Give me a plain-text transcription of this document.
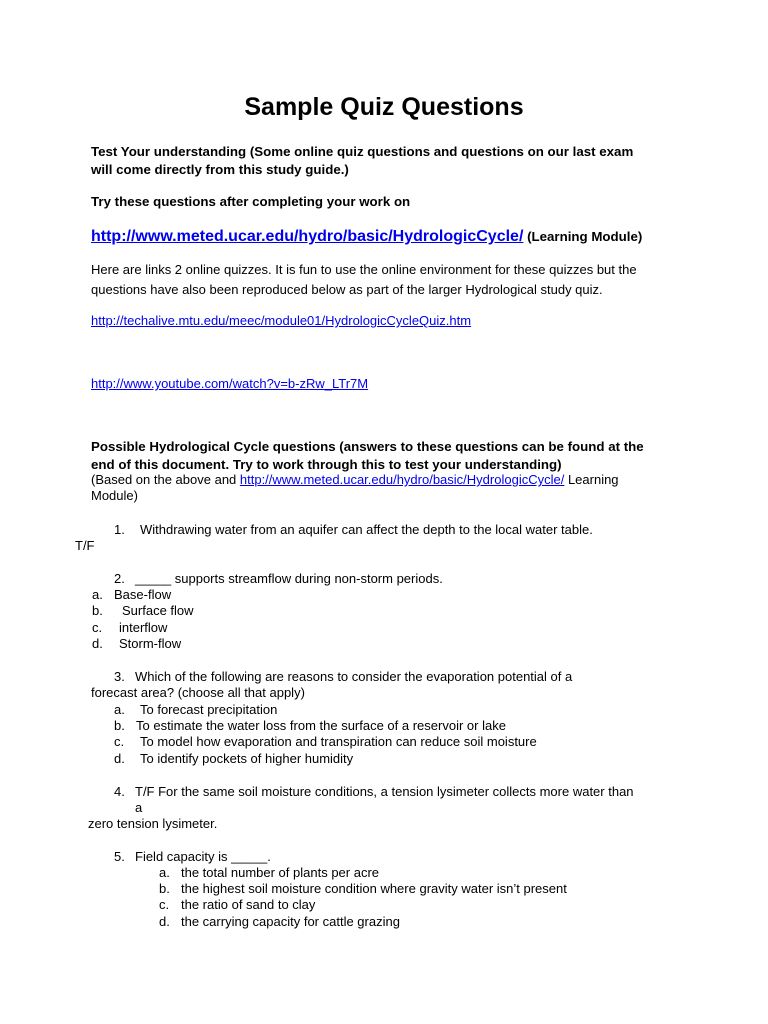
Sample Quiz Questions
Test Your understanding (Some online quiz questions and questions on our last exam
will come directly from this study guide.)
Try these questions after completing your work on
http://www.meted.ucar.edu/hydro/basic/HydrologicCycle/ (Learning Module)
Here are links 2 online quizzes. It is fun to use the online environment for these quizzes but the
questions have also been reproduced below as part of the larger Hydrological study quiz.
http://techalive.mtu.edu/meec/module01/HydrologicCycleQuiz.htm
http://www.youtube.com/watch?v=b-zRw_LTr7M
Possible Hydrological Cycle questions (answers to these questions can be found at the
end of this document. Try to work through this to test your understanding)
(Based on the above and http://www.meted.ucar.edu/hydro/basic/HydrologicCycle/ Learning
Module)
1. Withdrawing water from an aquifer can affect the depth to the local water table.
T/F
2. _____ supports streamflow during non-storm periods.
a. Base-flow
b. Surface flow
c. interflow
d. Storm-flow
3. Which of the following are reasons to consider the evaporation potential of a
forecast area? (choose all that apply)
a. To forecast precipitation
b. To estimate the water loss from the surface of a reservoir or lake
c. To model how evaporation and transpiration can reduce soil moisture
d. To identify pockets of higher humidity
4. T/F For the same soil moisture conditions, a tension lysimeter collects more water than
a
zero tension lysimeter.
5. Field capacity is _____.
a. the total number of plants per acre
b. the highest soil moisture condition where gravity water isn’t present
c. the ratio of sand to clay
d. the carrying capacity for cattle grazing
